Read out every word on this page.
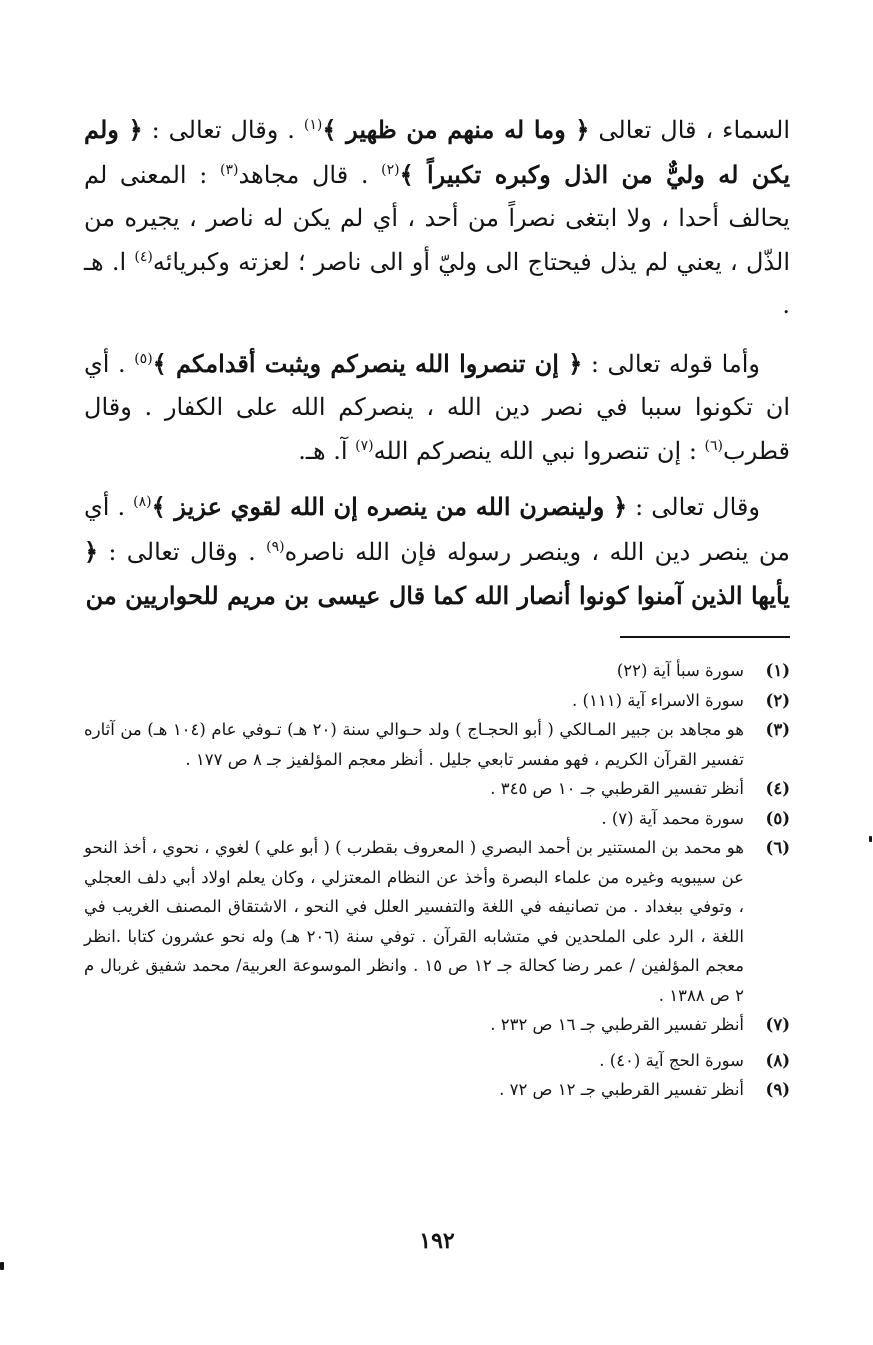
السماء ، قال تعالى ﴿ وما له منهم من ظهير ﴾$^{(١)}$ . وقال تعالى : ﴿ ولم يكن له وليٌّ من الذل وكبره تكبيراً ﴾$^{(٢)}$ . قال مجاهد$^{(٣)}$ : المعنى لم يحالف أحدا ، ولا ابتغى نصراً من أحد ، أي لم يكن له ناصر ، يجيره من الذّل ، يعني لم يذل فيحتاج الى وليّ أو الى ناصر ؛ لعزته وكبريائه$^{(٤)}$ ا. هـ .

وأما قوله تعالى : ﴿ إن تنصروا الله ينصركم ويثبت أقدامكم ﴾$^{(٥)}$ . أي ان تكونوا سببا في نصر دين الله ، ينصركم الله على الكفار . وقال قطرب$^{(٦)}$ : إن تنصروا نبي الله ينصركم الله$^{(٧)}$ آ. هـ.

وقال تعالى : ﴿ ولينصرن الله من ينصره إن الله لقوي عزيز ﴾$^{(٨)}$ . أي من ينصر دين الله ، وينصر رسوله فإن الله ناصره$^{(٩)}$ . وقال تعالى : ﴿ يأيها الذين آمنوا كونوا أنصار الله كما قال عيسى بن مريم للحواريين من

(١)
سورة سبأ آية (٢٢)
(٢)
سورة الاسراء آية (١١١) .
(٣)
هو مجاهد بن جبير المـالكي ( أبو الحجـاج ) ولد حـوالي سنة (٢٠ هـ) تـوفي عام (١٠٤ هـ) من آثاره تفسير القرآن الكريم ، فهو مفسر تابعي جليل . أنظر معجم المؤلفيز جـ ٨ ص ١٧٧ .
(٤)
أنظر تفسير القرطبي جـ ١٠ ص ٣٤٥ .
(٥)
سورة محمد آية (٧) .
(٦)
هو محمد بن المستنير بن أحمد البصري ( المعروف بقطرب ) ( أبو علي ) لغوي ، نحوي ، أخذ النحو عن سيبويه وغيره من علماء البصرة وأخذ عن النظام المعتزلي ، وكان يعلم اولاد أبي دلف العجلي ، وتوفي ببغداد . من تصانيفه في اللغة والتفسير العلل في النحو ، الاشتقاق المصنف الغريب في اللغة ، الرد على الملحدين في متشابه القرآن . توفي سنة (٢٠٦ هـ) وله نحو عشرون كتابا .انظر معجم المؤلفين / عمر رضا كحالة جـ ١٢ ص ١٥ . وانظر الموسوعة العربية/ محمد شفيق غربال م ٢ ص ١٣٨٨ .
(٧)
أنظر تفسير القرطبي جـ ١٦ ص ٢٣٢ .
(٨)
سورة الحج آية (٤٠) .
(٩)
أنظر تفسير القرطبي جـ ١٢ ص ٧٢ .
١٩٢
